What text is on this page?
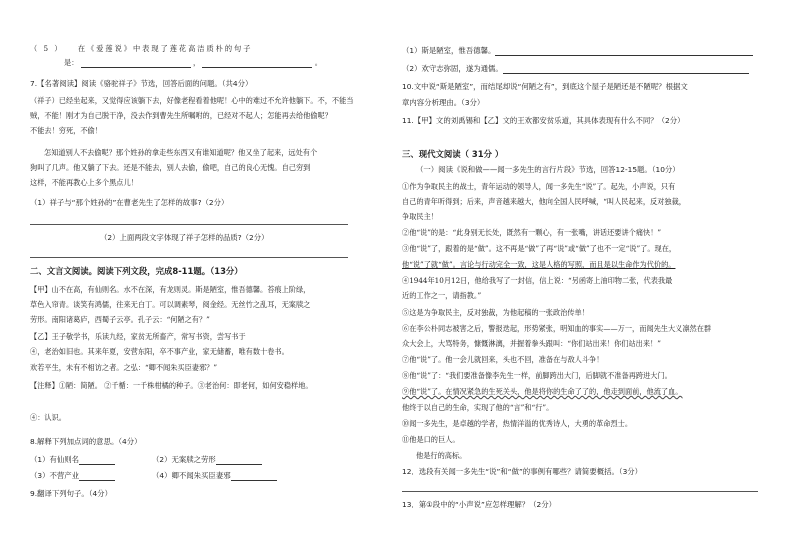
（ 5 ） 在《爱莲说》中表现了莲花高洁质朴的句子
是：	，	。
7.【名著阅读】阅读《骆驼祥子》节选，回答后面的问题。（共4分）
（祥子）已经坐起来，又觉得应该躺下去，好像老程看着他呢！心中的难过不允许他躺下。不，不能当
贼，不能！刚才为自己脱干净，没去作到曹先生所嘱咐的，已经对不起人；怎能再去给他偷呢？
不能去！穷死，不偷！
怎知道别人不去偷呢？那个姓孙的拿走些东西又有谁知道呢？他又坐了起来，远处有个
狗叫了几声。他又躺了下去。还是不能去，别人去偷，偷吧，自己的良心无愧。自己穷到
这样，不能再教心上多个黑点儿！
（1）祥子与“那个姓孙的”在曹老先生了怎样的故事?（2分）
（2）上面两段文字体现了祥子怎样的品质?（2分）
二、文言文阅读。阅读下列文段，完成8-11题。（13分）
【甲】山不在高，有仙则名。水不在深，有龙则灵。斯是陋室，惟吾德馨。苔痕上阶绿，
草色入帘青。谈笑有鸿儒，往来无白丁。可以调素琴，阅金经。无丝竹之乱耳，无案牍之
劳形。南阳诸葛庐，西蜀子云亭。孔子云：“何陋之有？”
【乙】王子敬学书，乐读九经，家贫无所畜产，常写书资，尝写书于
④，老治如旧也。其来年夏，安营东阳，卒不事产业，家无储蓄，唯有数十卷书。
欢若平生，未有不相访之者。之弘：“卿不闻朱买臣妻邪？”
【注释】①陋：简陋。 ②千楯：一千株柑橘的种子。③老治何：即老何，如何安稳样地。
④：认识。
8.解释下列加点词的意思。（4分）
（1）有仙则名	（2）无案牍之劳形
（3）不营产业	（4）卿不闻朱买臣妻邪
9.翻译下列句子。（4分）
（1）斯是陋室，惟吾德馨。
（2）欢守志弥固，遂为通儒。
10.文中说“斯是陋室”，而结尾却说“何陋之有”，到底这个屋子是陋还是不陋呢？根据文
章内容分析理由。（3分）
11.【甲】文的刘禹锡和【乙】文的王欢都安贫乐道，其具体表现有什么不同？（2分）
三、现代文阅读（ 31分 ）
（一）阅读《说和做——闻一多先生的言行片段》节选，回答12-15题。（10分）
①作为争取民主的战士，青年运动的领导人，闻一多先生“说”了。起先，小声说，只有
自己的青年听得到；后来，声音越来越大，他向全国人民呼喊，“叫人民起来，反对独裁，
争取民主！
②他“说”的是：“此身别无长处，既然有一颗心，有一张嘴，讲话还要讲个痛快！”
③他“说”了，跟着的是“做”。这不再是“做”了再“说”或“做”了也不一定“说”了。现在，
他“说”了就“做”。言论与行动完全一致，这是人格的写照，而且是以生命作为代价的。
④1944年10月12日，他给我写了一封信，信上说：“另函寄上油印物二张，代表我最
近的工作之一，请指教。”
⑤这是为争取民主，反对独裁，为他起稿的一张政治传单！
⑥在李公朴同志被害之后，警报迭起，形势紧张，明知血的事实——万一，而闻先生大义凛然在群
众大会上，大骂特务，慷慨淋漓，并握着拳头跟叫：“你们站出来！你们站出来！”
⑦他“说”了。他一会儿就回来，头也不回，准备在与敌人斗争！
⑧他“说”了：“我们要准备像李先生一样，前脚跨出大门，后脚就不准备再跨进大门。
⑨他“说”了。在情况紧急的生死关头，他是将你的生命了了的，他走到面前，他流了血。
他终于以自己的生命，实现了他的“言”和“行”。
⑩闻一多先生，是卓越的学者，热情洋溢的优秀诗人，大勇的革命烈士。
⑪他是口的巨人。
他是行的高标。
12．选段有关闻一多先生“说”和“做”的事例有哪些？请简要概括。（3分）
13．第①段中的“小声说”应怎样理解？（2分）
